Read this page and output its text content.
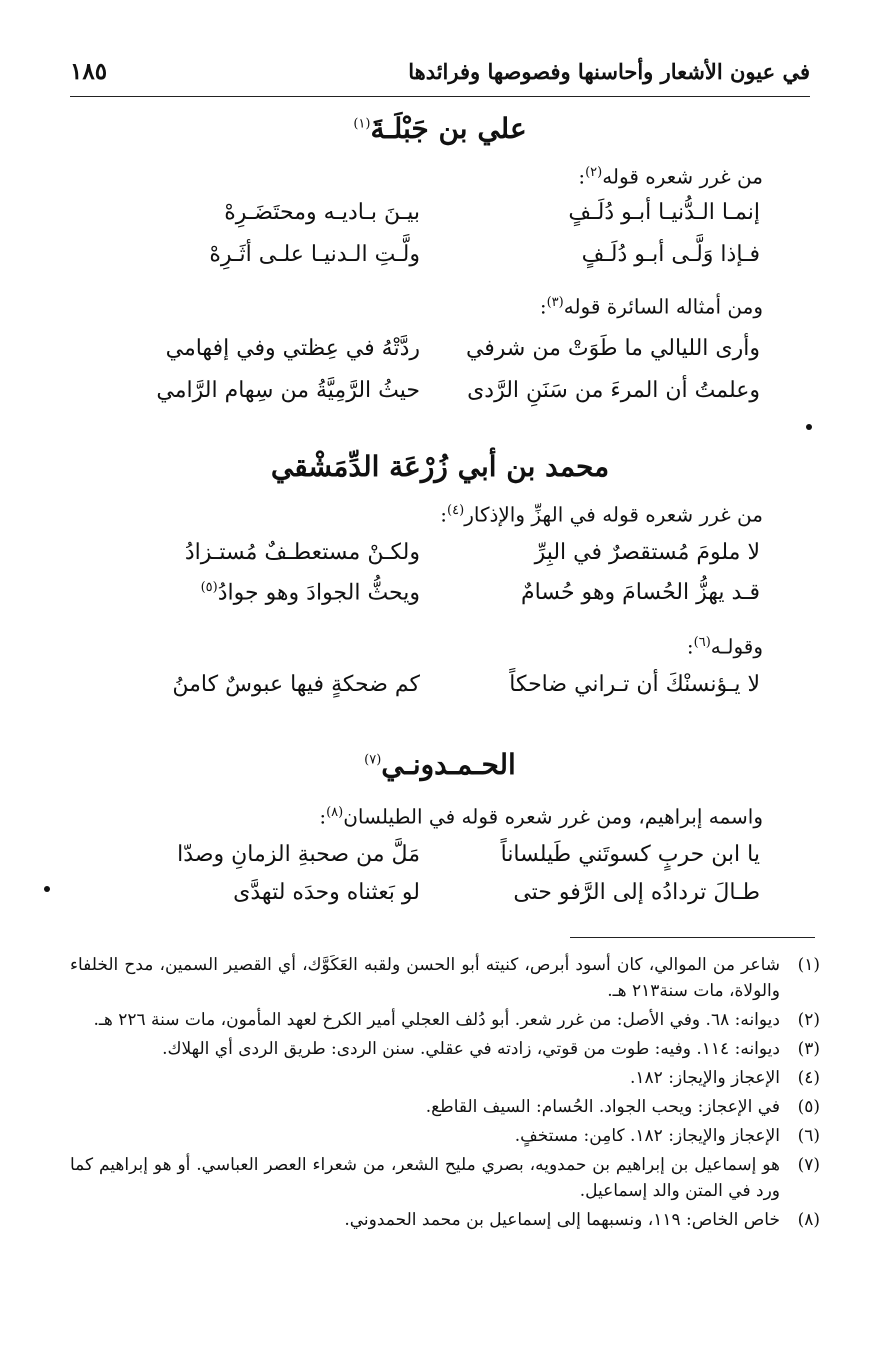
في عيون الأشعار وأحاسنها وفصوصها وفرائدها
١٨٥
علي بن جَبْلَـةَ$^{(١)}$
من غرر شعره قوله$^{(٢)}$:
إنمـا الـدُّنيـا أبـو دُلَـفٍ
بيـنَ بـاديـه ومحتَضَـرِهْ
فـإذا وَلَّـى أبـو دُلَـفٍ
ولَّـتِ الـدنيـا علـى أثَـرِهْ
ومن أمثاله السائرة قوله$^{(٣)}$:
وأرى الليالي ما طَوَتْ من شرفي
ردَّتْهُ في عِظتي وفي إفهامي
وعلمتُ أن المرءَ من سَنَنِ الرَّدى
حيثُ الرَّمِيَّةُ من سِهام الرَّامي
محمد بن أبي زُرْعَة الدِّمَشْقي
من غرر شعره قوله في الهزِّ والإذكار$^{(٤)}$:
لا ملومَ مُستقصرٌ في البِرِّ
ولكـنْ مستعطـفٌ مُستـزادُ
قـد يهزُّ الحُسامَ وهو حُسامٌ
ويحثُّ الجوادَ وهو جوادُ$^{(٥)}$
وقولـه$^{(٦)}$:
لا يـؤنسنْكَ أن تـراني ضاحكاً
كم ضحكةٍ فيها عبوسٌ كامنُ
الحـمـدونـي$^{(٧)}$
واسمه إبراهيم، ومن غرر شعره قوله في الطيلسان$^{(٨)}$:
يا ابن حربٍ كسوتَني طَيلساناً
مَلَّ من صحبةِ الزمانِ وصدّا
طـالَ تردادُه إلى الرَّفو حتى
لو بَعثناه وحدَه لتهدَّى
(١)
شاعر من الموالي، كان أسود أبرص، كنيته أبو الحسن ولقبه العَكَوَّك، أي القصير السمين، مدح الخلفاء والولاة، مات سنة٢١٣ هـ.
(٢)
ديوانه: ٦٨. وفي الأصل: من غرر شعر. أبو دُلف العجلي أمير الكرخ لعهد المأمون، مات سنة ٢٢٦ هـ.
(٣)
ديوانه: ١١٤. وفيه: طوت من قوتي، زادته في عقلي. سنن الردى: طريق الردى أي الهلاك.
(٤)
الإعجاز والإيجاز: ١٨٢.
(٥)
في الإعجاز: ويحب الجواد. الحُسام: السيف القاطع.
(٦)
الإعجاز والإيجاز: ١٨٢. كامِن: مستخفٍ.
(٧)
هو إسماعيل بن إبراهيم بن حمدويه، بصري مليح الشعر، من شعراء العصر العباسي. أو هو إبراهيم كما ورد في المتن والد إسماعيل.
(٨)
خاص الخاص: ١١٩، ونسبهما إلى إسماعيل بن محمد الحمدوني.
